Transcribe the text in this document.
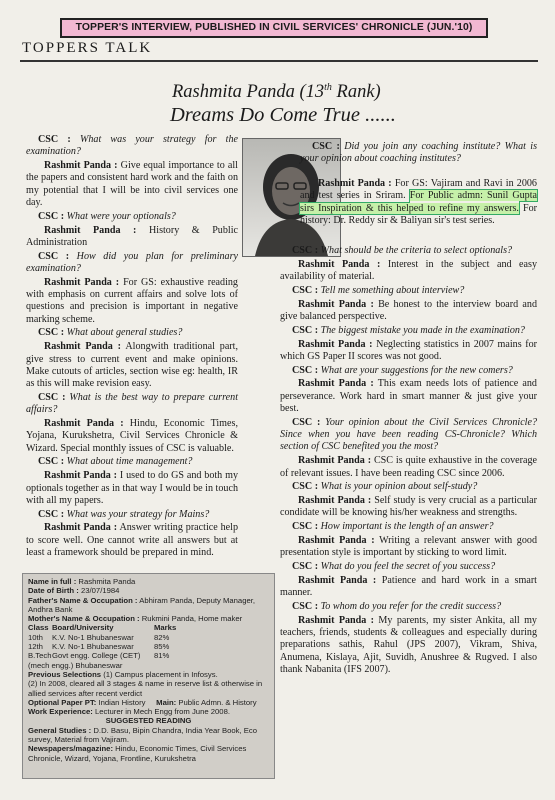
TOPPER'S INTERVIEW, PUBLISHED IN CIVIL SERVICES' CHRONICLE (JUN.'10)
TOPPERS TALK
Rashmita Panda (13th Rank)
Dreams Do Come True ......

CSC : What was your strategy for the examination?

Rashmit Panda : Give equal importance to all the papers and consistent hard work and the faith on my potential that I will be into civil services one day.

CSC : What were your optionals?

Rashmit Panda : History & Public Administration

CSC : How did you plan for preliminary examination?

Rashmit Panda : For GS: exhaustive reading with emphasis on current affairs and solve lots of questions and precision is important in negative marking scheme.

CSC : What about general studies?

Rashmit Panda : Alongwith traditional part, give stress to current event and make opinions. Make cutouts of articles, section wise eg: health, IR as this will make revision easy.

CSC : What is the best way to prepare current affairs?

Rashmit Panda : Hindu, Economic Times, Yojana, Kurukshetra, Civil Services Chronicle & Wizard. Special monthly issues of CSC is valuable.

CSC : What about time management?

Rashmit Panda : I used to do GS and both my optionals together as in that way I would be in touch with all my papers.

CSC : What was your strategy for Mains?

Rashmit Panda : Answer writing practice help to score well. One cannot write all answers but at least a framework should be prepared in mind.

CSC : Did you join any coaching institute? What is your opinion about coaching institutes?

Rashmit Panda : For GS: Vajiram and Ravi in 2006 and test series in Sriram. For Public admn: Sunil Gupta sirs Inspiration & this helped to refine my answers. For history: Dr. Reddy sir & Baliyan sir's test series.

CSC : What should be the criteria to select optionals?

Rashmit Panda : Interest in the subject and easy availability of material.

CSC : Tell me something about interview?

Rashmit Panda : Be honest to the interview board and give balanced perspective.

CSC : The biggest mistake you made in the examination?

Rashmit Panda : Neglecting statistics in 2007 mains for which GS Paper II scores was not good.

CSC : What are your suggestions for the new comers?

Rashmit Panda : This exam needs lots of patience and perseverance. Work hard in smart manner & just give your best.

CSC : Your opinion about the Civil Services Chronicle? Since when you have been reading CS-Chronicle? Which section of CSC benefited you the most?

Rashmit Panda : CSC is quite exhaustive in the coverage of relevant issues. I have been reading CSC since 2006.

CSC : What is your opinion about self-study?

Rashmit Panda : Self study is very crucial as a particular condidate will be knowing his/her weakness and strengths.

CSC : How important is the length of an answer?

Rashmit Panda : Writing a relevant answer with good presentation style is important by sticking to word limit.

CSC : What do you feel the secret of you success?

Rashmit Panda : Patience and hard work in a smart manner.

CSC : To whom do you refer for the credit success?

Rashmit Panda : My parents, my sister Ankita, all my teachers, friends, students & colleagues and especially during preparations sathis, Rahul (JPS 2007), Vikram, Shiva, Anumena, Kislaya, Ajit, Suvidh, Anushree & Rugved. I also thank Nabanita (IFS 2007).

Name in full : Rashmita Panda
Date of Birth : 23/07/1984
Father's Name & Occupation : Abhiram Panda, Deputy Manager, Andhra Bank
Mother's Name & Occupation : Rukmini Panda, Home maker
Class Board/University	Marks
10th	K.V. No-1 Bhubaneswar	82%
12th	K.V. No-1 Bhubaneswar	85%
B.Tech Govt engg. College (CET)	81%
(mech engg.) Bhubaneswar
Previous Selections (1) Campus placement in Infosys.
(2) In 2008, cleared all 3 stages & name in reserve list & otherwise in allied services after recent verdict
Optional Paper PT: Indian History Main: Public Admn. & History
Work Experience: Lecturer in Mech Engg from June 2008.
SUGGESTED READING
General Studies : D.D. Basu, Bipin Chandra, India Year Book, Eco survey, Material from Vajiram.
Newspapers/magazine: Hindu, Economic Times, Civil Services Chronicle, Wizard, Yojana, Frontline, Kurukshetra
